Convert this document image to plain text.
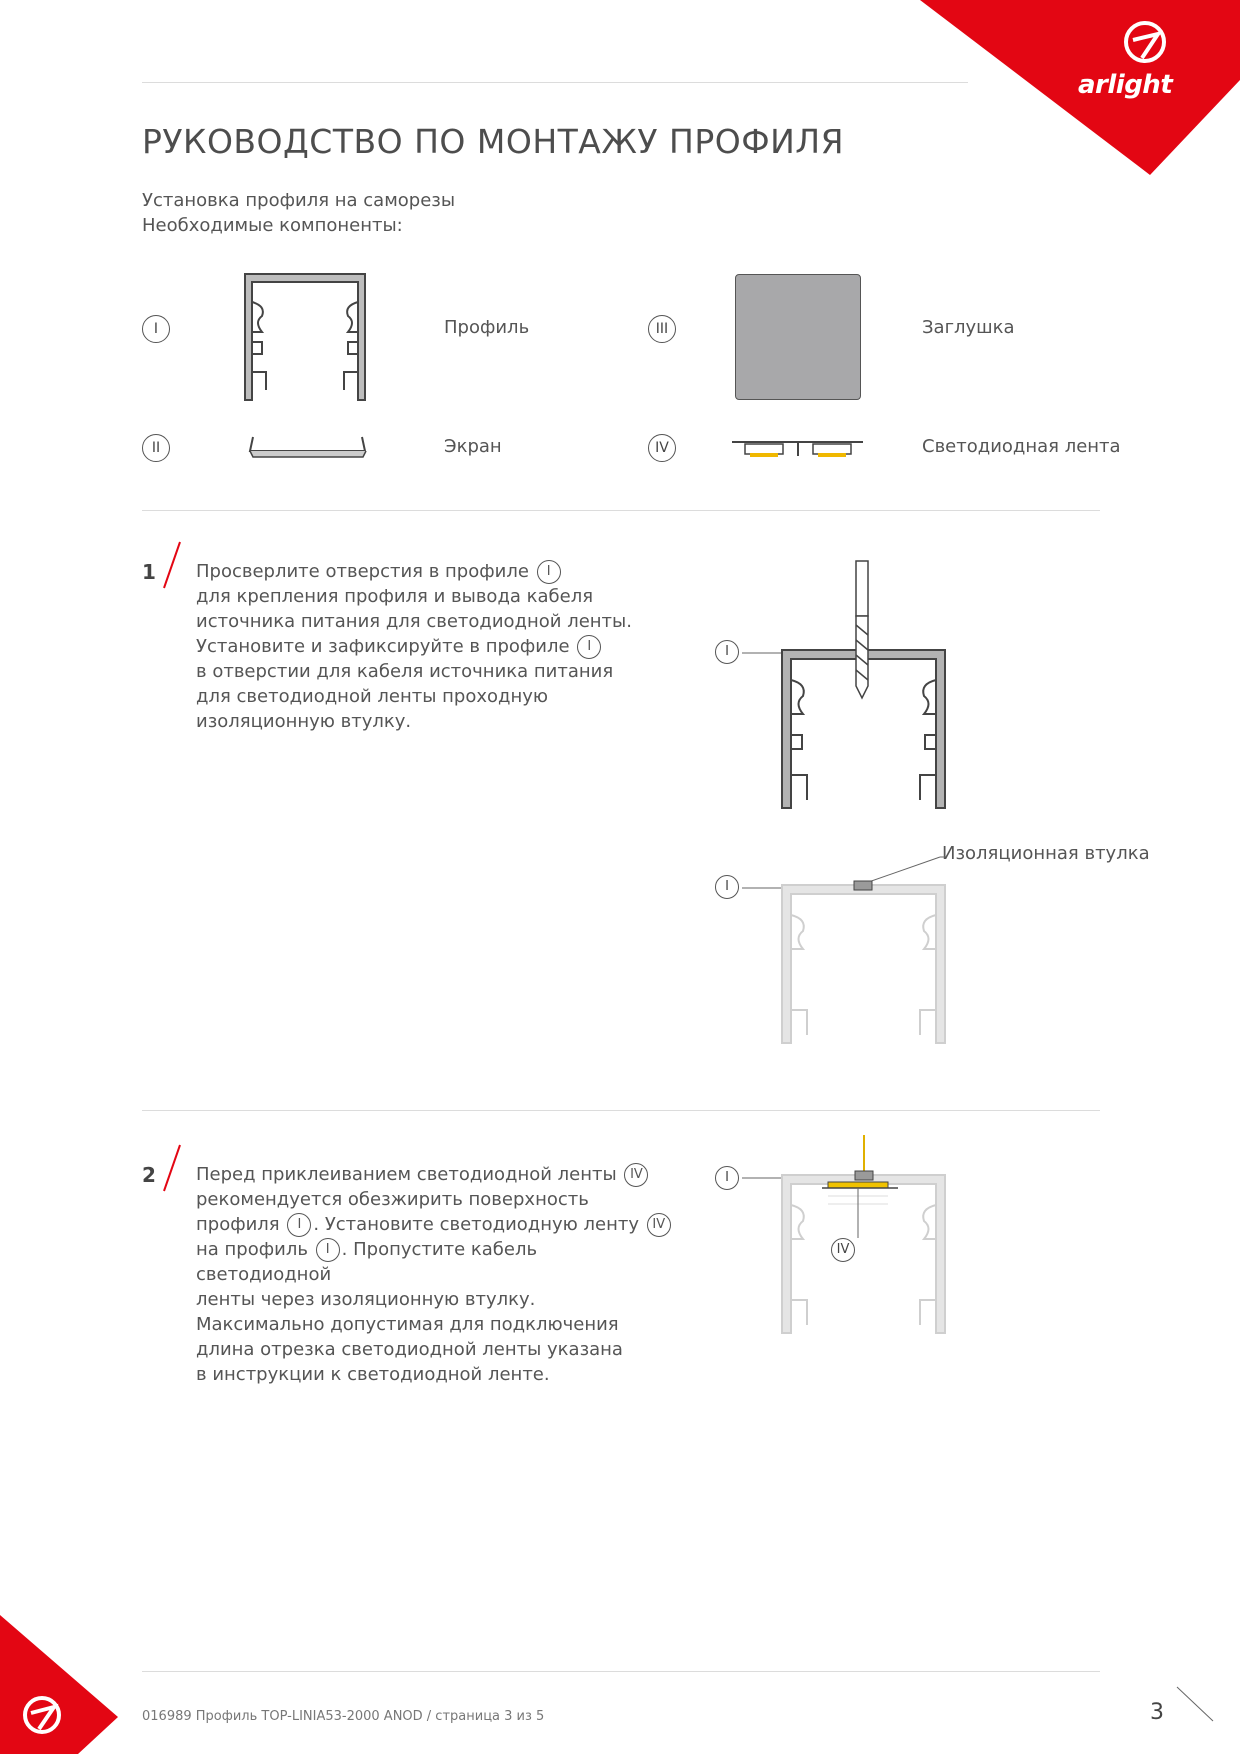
arlight
РУКОВОДСТВО ПО МОНТАЖУ ПРОФИЛЯ
Установка профиля на саморезы
Необходимые компоненты:
I	Профиль	III	Заглушка
II	Экран	IV	Светодиодная лента
1 Просверлите отверстия в профиле I

для крепления профиля и вывода кабеля

источника питания для светодиодной ленты.

Установите и зафиксируйте в профиле I

в отверстии для кабеля источника питания

для светодиодной ленты проходную

изоляционную втулку.

I
Изоляционная втулка
I
2 Перед приклеиванием светодиодной ленты IV

рекомендуется обезжирить поверхность

профиля I . Установите светодиодную ленту IV

на профиль I . Пропустите кабель светодиодной

ленты через изоляционную втулку.

Максимально допустимая для подключения

длина отрезка светодиодной ленты указана

в инструкции к светодиодной ленте.

I
IV
016989 Профиль TOP-LINIA53-2000 ANOD / страница 3 из 5	3
